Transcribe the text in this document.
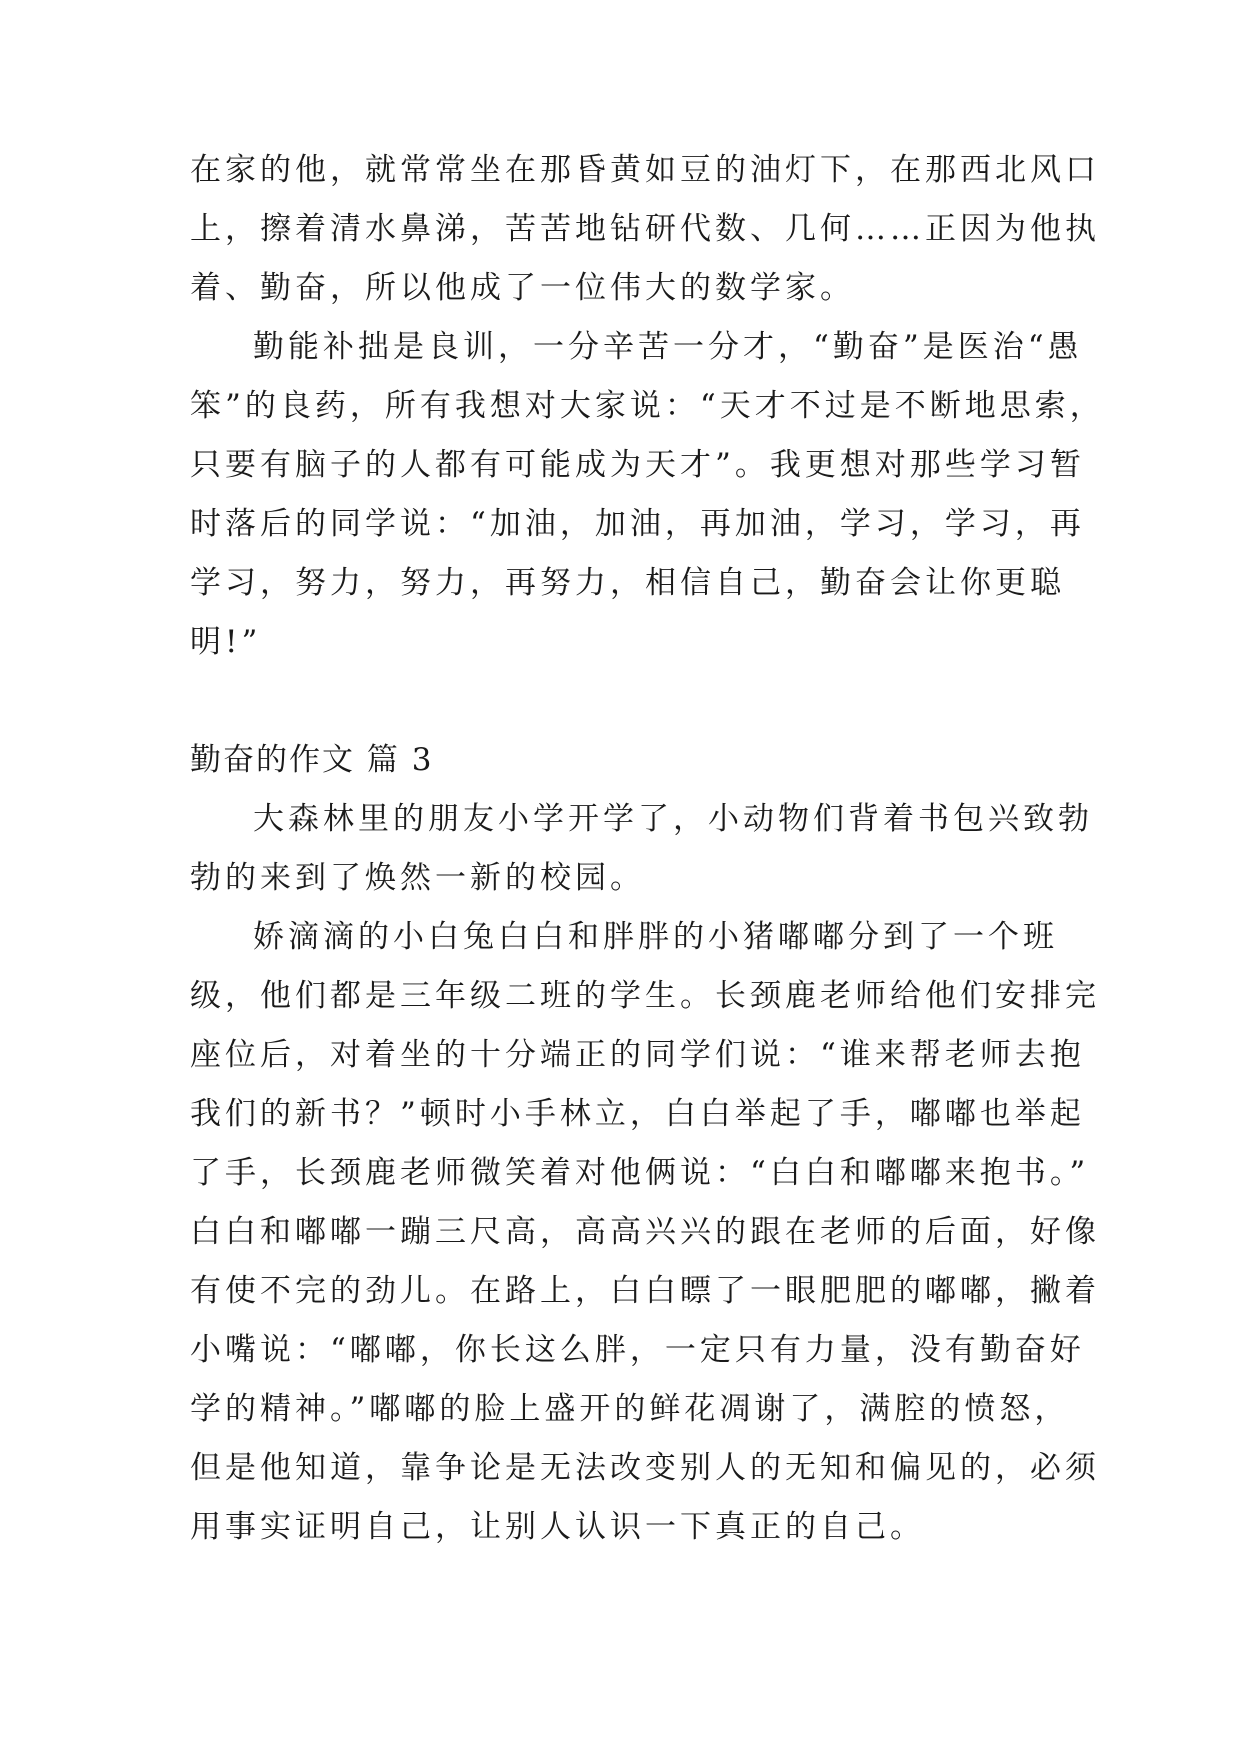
在家的他，就常常坐在那昏黄如豆的油灯下，在那西北风口
上，擦着清水鼻涕，苦苦地钻研代数、几何……正因为他执
着、勤奋，所以他成了一位伟大的数学家。
勤能补拙是良训，一分辛苦一分才，“勤奋”是医治“愚
笨”的良药，所有我想对大家说：“天才不过是不断地思索，
只要有脑子的人都有可能成为天才”。我更想对那些学习暂
时落后的同学说：“加油，加油，再加油，学习，学习，再
学习，努力，努力，再努力，相信自己，勤奋会让你更聪
明!”
勤奋的作文 篇 3
大森林里的朋友小学开学了，小动物们背着书包兴致勃
勃的来到了焕然一新的校园。
娇滴滴的小白兔白白和胖胖的小猪嘟嘟分到了一个班
级，他们都是三年级二班的学生。长颈鹿老师给他们安排完
座位后，对着坐的十分端正的同学们说：“谁来帮老师去抱
我们的新书？”顿时小手林立，白白举起了手，嘟嘟也举起
了手，长颈鹿老师微笑着对他俩说：“白白和嘟嘟来抱书。”
白白和嘟嘟一蹦三尺高，高高兴兴的跟在老师的后面，好像
有使不完的劲儿。在路上，白白瞟了一眼肥肥的嘟嘟，撇着
小嘴说：“嘟嘟，你长这么胖，一定只有力量，没有勤奋好
学的精神。”嘟嘟的脸上盛开的鲜花凋谢了，满腔的愤怒，
但是他知道，靠争论是无法改变别人的无知和偏见的，必须
用事实证明自己，让别人认识一下真正的自己。
